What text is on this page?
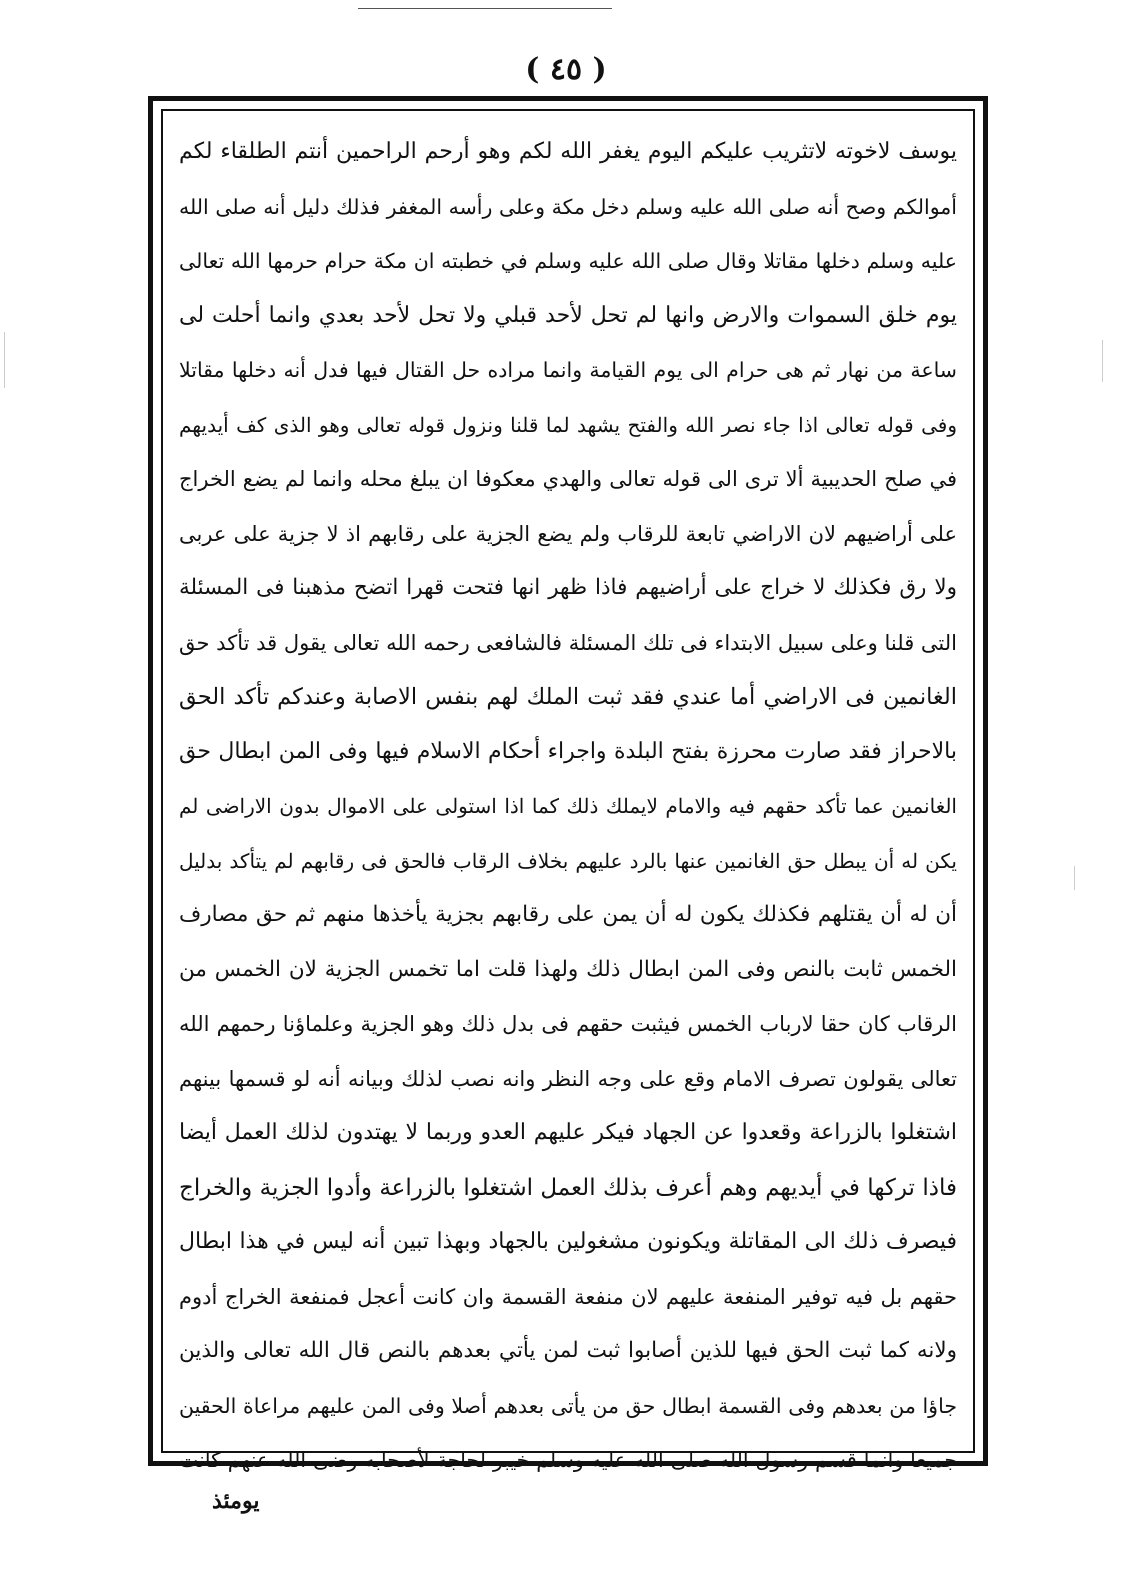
( ٤٥ )
يوسف لاخوته لاتثريب عليكم اليوم يغفر الله لكم وهو أرحم الراحمين أنتم الطلقاء لكم
أموالكم وصح أنه صلى الله عليه وسلم دخل مكة وعلى رأسه المغفر فذلك دليل أنه صلى الله
عليه وسلم دخلها مقاتلا وقال صلى الله عليه وسلم في خطبته ان مكة حرام حرمها الله تعالى
يوم خلق السموات والارض وانها لم تحل لأحد قبلي ولا تحل لأحد بعدي وانما أحلت لى
ساعة من نهار ثم هى حرام الى يوم القيامة وانما مراده حل القتال فيها فدل أنه دخلها مقاتلا
وفى قوله تعالى اذا جاء نصر الله والفتح يشهد لما قلنا ونزول قوله تعالى وهو الذى كف أيديهم
في صلح الحديبية ألا ترى الى قوله تعالى والهدي معكوفا ان يبلغ محله وانما لم يضع الخراج
على أراضيهم لان الاراضي تابعة للرقاب ولم يضع الجزية على رقابهم اذ لا جزية على عربى
ولا رق فكذلك لا خراج على أراضيهم فاذا ظهر انها فتحت قهرا اتضح مذهبنا فى المسئلة
التى قلنا وعلى سبيل الابتداء فى تلك المسئلة فالشافعى رحمه الله تعالى يقول قد تأكد حق
الغانمين فى الاراضي أما عندي فقد ثبت الملك لهم بنفس الاصابة وعندكم تأكد الحق
بالاحراز فقد صارت محرزة بفتح البلدة واجراء أحكام الاسلام فيها وفى المن ابطال حق
الغانمين عما تأكد حقهم فيه والامام لايملك ذلك كما اذا استولى على الاموال بدون الاراضى لم
يكن له أن يبطل حق الغانمين عنها بالرد عليهم بخلاف الرقاب فالحق فى رقابهم لم يتأكد بدليل
أن له أن يقتلهم فكذلك يكون له أن يمن على رقابهم بجزية يأخذها منهم ثم حق مصارف
الخمس ثابت بالنص وفى المن ابطال ذلك ولهذا قلت اما تخمس الجزية لان الخمس من
الرقاب كان حقا لارباب الخمس فيثبت حقهم فى بدل ذلك وهو الجزية وعلماؤنا رحمهم الله
تعالى يقولون تصرف الامام وقع على وجه النظر وانه نصب لذلك وبيانه أنه لو قسمها بينهم
اشتغلوا بالزراعة وقعدوا عن الجهاد فيكر عليهم العدو وربما لا يهتدون لذلك العمل أيضا
فاذا تركها في أيديهم وهم أعرف بذلك العمل اشتغلوا بالزراعة وأدوا الجزية والخراج
فيصرف ذلك الى المقاتلة ويكونون مشغولين بالجهاد وبهذا تبين أنه ليس في هذا ابطال
حقهم بل فيه توفير المنفعة عليهم لان منفعة القسمة وان كانت أعجل فمنفعة الخراج أدوم
ولانه كما ثبت الحق فيها للذين أصابوا ثبت لمن يأتي بعدهم بالنص قال الله تعالى والذين
جاؤا من بعدهم وفى القسمة ابطال حق من يأتى بعدهم أصلا وفى المن عليهم مراعاة الحقين
جميعا وانما قسم رسول الله صلى الله عليه وسلم خيبر لحاجة لأصحابه رضى الله عنهم كانت
يومئذ
